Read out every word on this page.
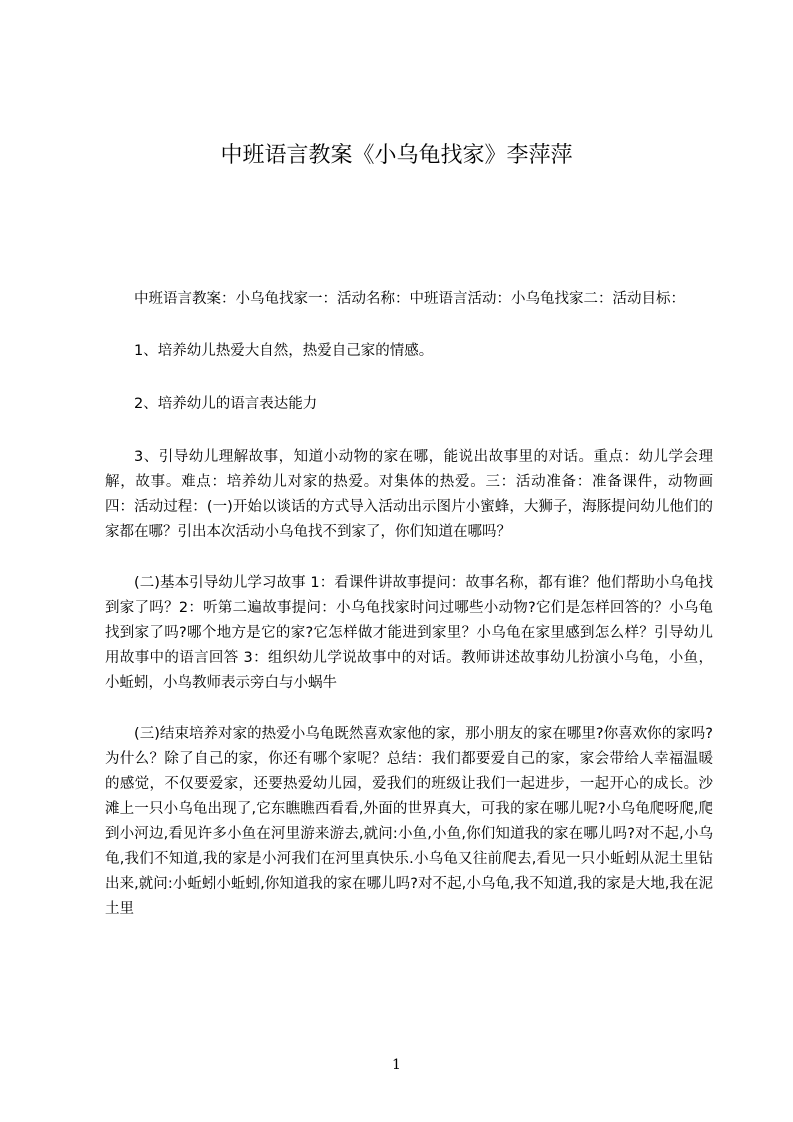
中班语言教案《小乌龟找家》李萍萍

中班语言教案：小乌龟找家一：活动名称：中班语言活动：小乌龟找家二：活动目标：

1、培养幼儿热爱大自然，热爱自己家的情感。

2、培养幼儿的语言表达能力

3、引导幼儿理解故事，知道小动物的家在哪，能说出故事里的对话。重点：幼儿学会理解，故事。难点：培养幼儿对家的热爱。对集体的热爱。三：活动准备：准备课件，动物画四：活动过程：(一)开始以谈话的方式导入活动出示图片小蜜蜂，大狮子，海豚提问幼儿他们的家都在哪？引出本次活动小乌龟找不到家了，你们知道在哪吗？

(二)基本引导幼儿学习故事 1：看课件讲故事提问：故事名称，都有谁？他们帮助小乌龟找到家了吗？2：听第二遍故事提问：小乌龟找家时问过哪些小动物?它们是怎样回答的？小乌龟找到家了吗?哪个地方是它的家?它怎样做才能进到家里？小乌龟在家里感到怎么样？引导幼儿用故事中的语言回答 3：组织幼儿学说故事中的对话。教师讲述故事幼儿扮演小乌龟，小鱼，小蚯蚓，小鸟教师表示旁白与小蜗牛

(三)结束培养对家的热爱小乌龟既然喜欢家他的家，那小朋友的家在哪里?你喜欢你的家吗?为什么？除了自己的家，你还有哪个家呢？总结：我们都要爱自己的家，家会带给人幸福温暖的感觉，不仅要爱家，还要热爱幼儿园，爱我们的班级让我们一起进步，一起开心的成长。沙滩上一只小乌龟出现了,它东瞧瞧西看看,外面的世界真大，可我的家在哪儿呢?小乌龟爬呀爬,爬到小河边,看见许多小鱼在河里游来游去,就问:小鱼,小鱼,你们知道我的家在哪儿吗?对不起,小乌龟,我们不知道,我的家是小河我们在河里真快乐.小乌龟又往前爬去,看见一只小蚯蚓从泥土里钻出来,就问:小蚯蚓小蚯蚓,你知道我的家在哪儿吗?对不起,小乌龟,我不知道,我的家是大地,我在泥土里

1
